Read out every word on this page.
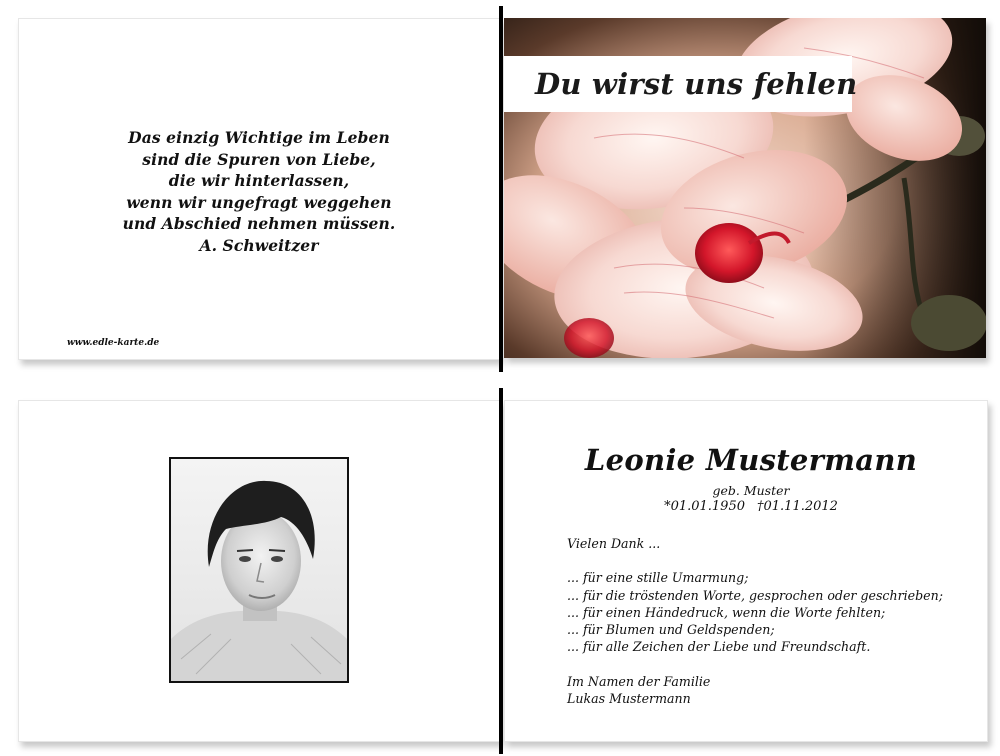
Das einzig Wichtige im Leben
sind die Spuren von Liebe,
die wir hinterlassen,
wenn wir ungefragt weggehen
und Abschied nehmen müssen.
A. Schweitzer
www.edle-karte.de
Du wirst uns fehlen
Leonie Mustermann
geb. Muster
*01.01.1950 †01.11.2012
Vielen Dank ...
... für eine stille Umarmung;
... für die tröstenden Worte, gesprochen oder geschrieben;
... für einen Händedruck, wenn die Worte fehlten;
... für Blumen und Geldspenden;
... für alle Zeichen der Liebe und Freundschaft.
Im Namen der Familie
Lukas Mustermann
